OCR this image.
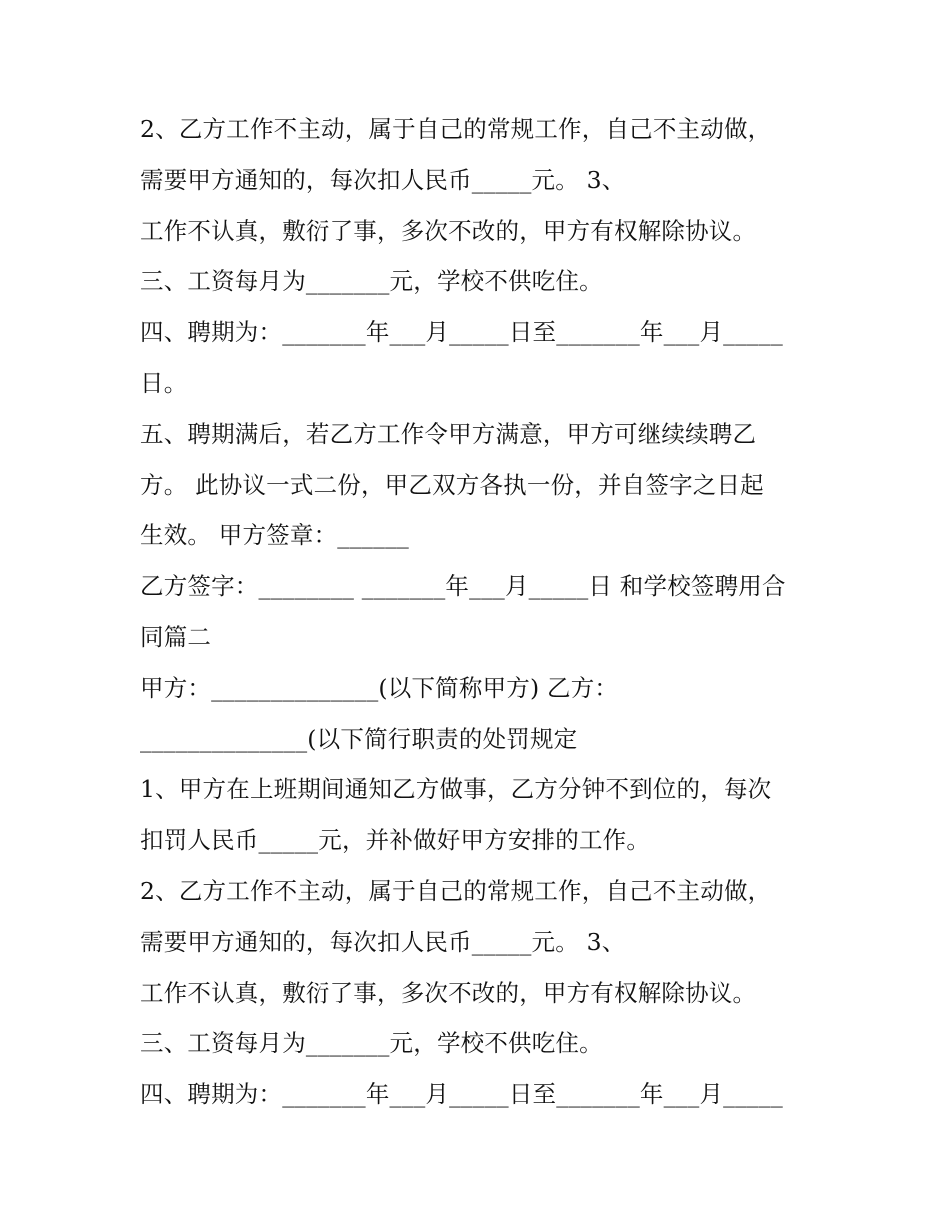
2、乙方工作不主动，属于自己的常规工作，自己不主动做，
需要甲方通知的，每次扣人民币_____元。 3、
工作不认真，敷衍了事，多次不改的，甲方有权解除协议。
三、工资每月为_______元，学校不供吃住。
四、聘期为：_______年___月_____日至_______年___月_____
日。
五、聘期满后，若乙方工作令甲方满意，甲方可继续续聘乙
方。 此协议一式二份，甲乙双方各执一份，并自签字之日起
生效。 甲方签章：______
乙方签字：________ _______年___月_____日 和学校签聘用合
同篇二
甲方：______________(以下简称甲方) 乙方：
______________(以下简行职责的处罚规定
1、甲方在上班期间通知乙方做事，乙方分钟不到位的，每次
扣罚人民币_____元，并补做好甲方安排的工作。
2、乙方工作不主动，属于自己的常规工作，自己不主动做，
需要甲方通知的，每次扣人民币_____元。 3、
工作不认真，敷衍了事，多次不改的，甲方有权解除协议。
三、工资每月为_______元，学校不供吃住。
四、聘期为：_______年___月_____日至_______年___月_____
